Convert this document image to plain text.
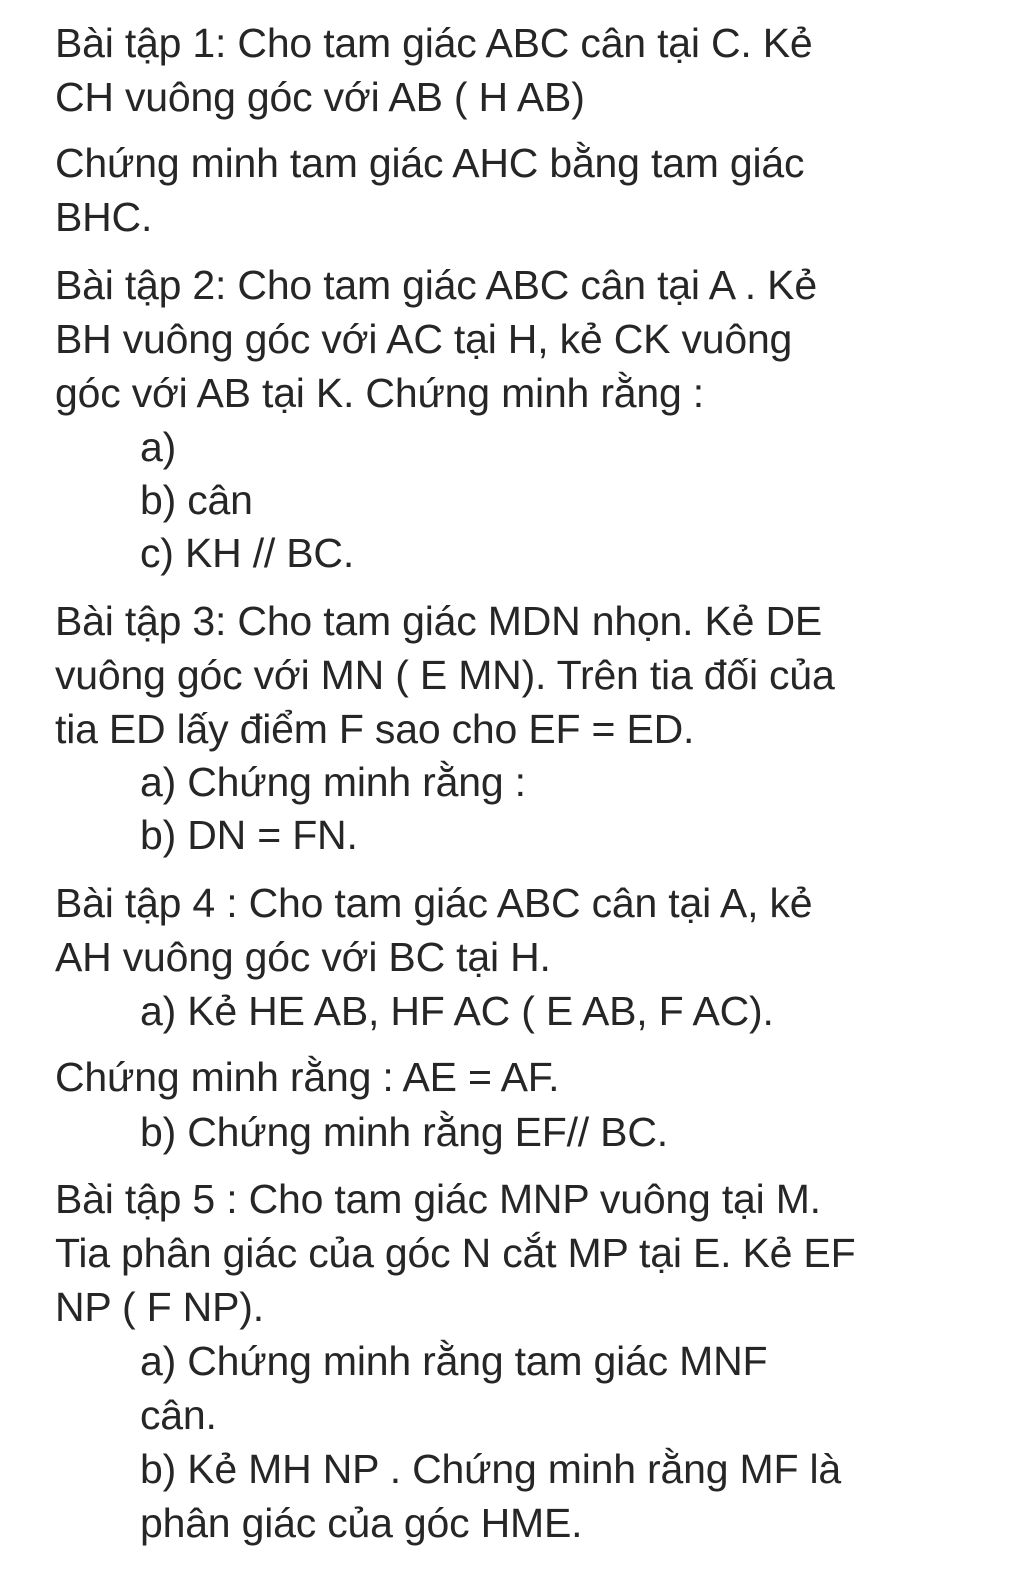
Bài tập 1: Cho tam giác ABC cân tại C. Kẻ
CH vuông góc với AB ( H AB)
Chứng minh tam giác AHC bằng tam giác
BHC.
Bài tập 2: Cho tam giác ABC cân tại A . Kẻ
BH vuông góc với AC tại H, kẻ CK vuông
góc với AB tại K. Chứng minh rằng :
a)
b) cân
c) KH // BC.
Bài tập 3: Cho tam giác MDN nhọn. Kẻ DE
vuông góc với MN ( E MN). Trên tia đối của
tia ED lấy điểm F sao cho EF = ED.
a) Chứng minh rằng :
b) DN = FN.
Bài tập 4 : Cho tam giác ABC cân tại A, kẻ
AH vuông góc với BC tại H.
a) Kẻ HE AB, HF AC ( E AB, F AC).
Chứng minh rằng : AE = AF.
b) Chứng minh rằng EF// BC.
Bài tập 5 : Cho tam giác MNP vuông tại M.
Tia phân giác của góc N cắt MP tại E. Kẻ EF
NP ( F NP).
a) Chứng minh rằng tam giác MNF
cân.
b) Kẻ MH NP . Chứng minh rằng MF là
phân giác của góc HME.
